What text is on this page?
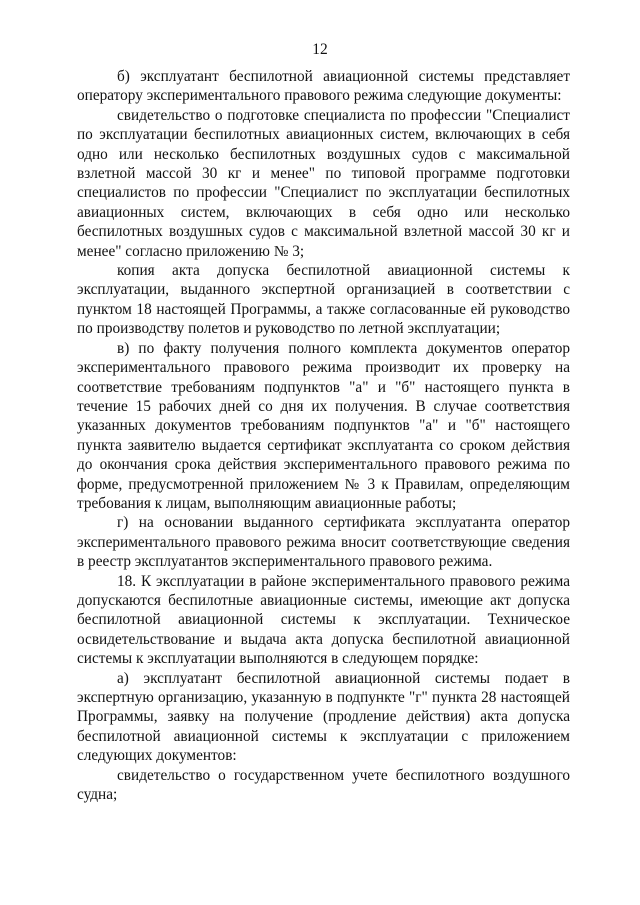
12

б) эксплуатант беспилотной авиационной системы представляет оператору экспериментального правового режима следующие документы:

свидетельство о подготовке специалиста по профессии "Специалист по эксплуатации беспилотных авиационных систем, включающих в себя одно или несколько беспилотных воздушных судов с максимальной взлетной массой 30 кг и менее" по типовой программе подготовки специалистов по профессии "Специалист по эксплуатации беспилотных авиационных систем, включающих в себя одно или несколько беспилотных воздушных судов с максимальной взлетной массой 30 кг и менее" согласно приложению № 3;

копия акта допуска беспилотной авиационной системы к эксплуатации, выданного экспертной организацией в соответствии с пунктом 18 настоящей Программы, а также согласованные ей руководство по производству полетов и руководство по летной эксплуатации;

в) по факту получения полного комплекта документов оператор экспериментального правового режима производит их проверку на соответствие требованиям подпунктов "а" и "б" настоящего пункта в течение 15 рабочих дней со дня их получения. В случае соответствия указанных документов требованиям подпунктов "а" и "б" настоящего пункта заявителю выдается сертификат эксплуатанта со сроком действия до окончания срока действия экспериментального правового режима по форме, предусмотренной приложением № 3 к Правилам, определяющим требования к лицам, выполняющим авиационные работы;

г) на основании выданного сертификата эксплуатанта оператор экспериментального правового режима вносит соответствующие сведения в реестр эксплуатантов экспериментального правового режима.

18. К эксплуатации в районе экспериментального правового режима допускаются беспилотные авиационные системы, имеющие акт допуска беспилотной авиационной системы к эксплуатации. Техническое освидетельствование и выдача акта допуска беспилотной авиационной системы к эксплуатации выполняются в следующем порядке:

а) эксплуатант беспилотной авиационной системы подает в экспертную организацию, указанную в подпункте "г" пункта 28 настоящей Программы, заявку на получение (продление действия) акта допуска беспилотной авиационной системы к эксплуатации с приложением следующих документов:

свидетельство о государственном учете беспилотного воздушного судна;
